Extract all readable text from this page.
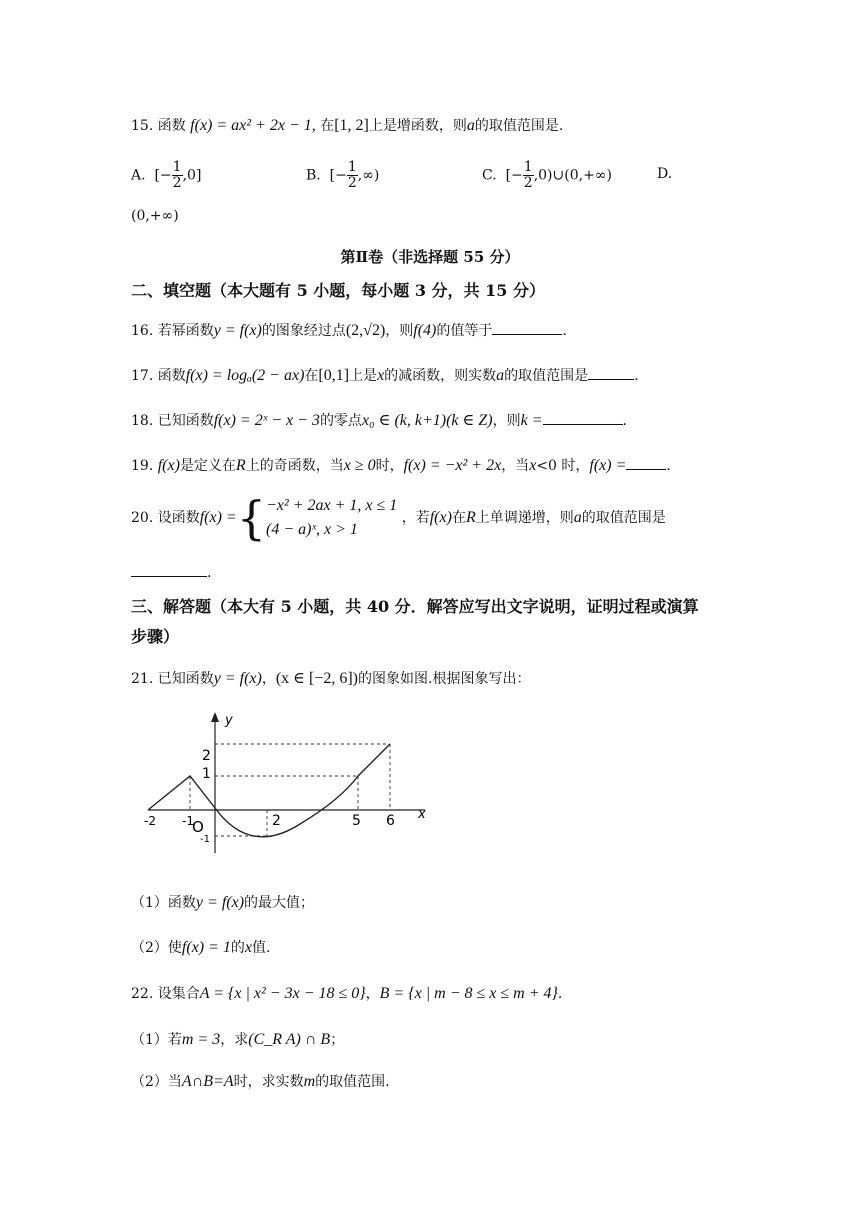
15. 函数 f(x) = ax² + 2x − 1, 在[1, 2]上是增函数，则a的取值范围是.
A. [− $\frac{1}{2} ,0$]	B. [− $\frac{1}{2}$ ,∞)	C. [− $\frac{1}{2}$ ,0)∪(0,+∞)	D.
(0,+∞)
第Ⅱ卷（非选择题 55 分）
二、填空题（本大题有 5 小题，每小题 3 分，共 15 分）
16. 若幂函数y = f(x)的图象经过点(2,√2)，则f(4)的值等于	.
17. 函数f(x) = logₐ(2 − ax)在[0,1]上是x的减函数，则实数a的取值范围是	.
18. 已知函数f(x) = 2ˣ − x − 3的零点x₀ ∈ (k, k+1)(k ∈ Z)，则k =	.
19. f(x)是定义在R上的奇函数，当x ≥ 0时，f(x) = −x² + 2x，当x<0 时，f(x) =	.
20. 设函数f(x) ={ −x² + 2ax + 1, x ≤ 1
(4 − a)ˣ, x > 1
，若f(x)在R上单调递增，则a的取值范围是
.
三、解答题（本大有 5 小题，共 40 分．解答应写出文字说明，证明过程或演算
步骤）
21. 已知函数y = f(x)，(x ∈ [−2, 6])的图象如图.根据图象写出：
y
x
O
-2 -1	2	5 6
2
1
-1
（1）函数y = f(x)的最大值；
（2）使f(x) = 1的x值.
22. 设集合A = {x | x² − 3x − 18 ≤ 0}，B = {x | m − 8 ≤ x ≤ m + 4}.
（1）若m = 3，求(C_R A) ∩ B；
（2）当A∩B=A时，求实数m的取值范围.
